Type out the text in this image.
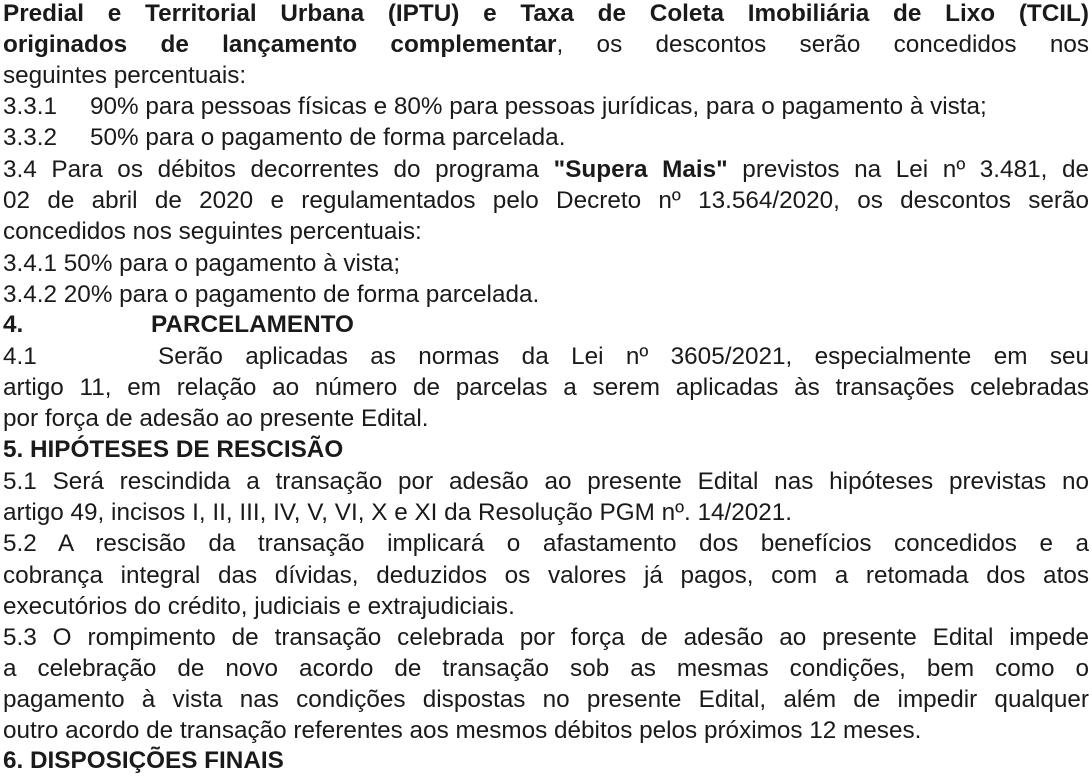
Predial e Territorial Urbana (IPTU) e Taxa de Coleta Imobiliária de Lixo (TCIL)
originados de lançamento complementar, os descontos serão concedidos nos
seguintes percentuais:
3.3.1 90% para pessoas físicas e 80% para pessoas jurídicas, para o pagamento à vista;
3.3.2 50% para o pagamento de forma parcelada.
3.4 Para os débitos decorrentes do programa "Supera Mais" previstos na Lei nº 3.481, de
02 de abril de 2020 e regulamentados pelo Decreto nº 13.564/2020, os descontos serão
concedidos nos seguintes percentuais:
3.4.1 50% para o pagamento à vista;
3.4.2 20% para o pagamento de forma parcelada.
4.	PARCELAMENTO
4.1	Serão aplicadas as normas da Lei nº 3605/2021, especialmente em seu
artigo 11, em relação ao número de parcelas a serem aplicadas às transações celebradas
por força de adesão ao presente Edital.
5. HIPÓTESES DE RESCISÃO
5.1 Será rescindida a transação por adesão ao presente Edital nas hipóteses previstas no
artigo 49, incisos I, II, III, IV, V, VI, X e XI da Resolução PGM nº. 14/2021.
5.2 A rescisão da transação implicará o afastamento dos benefícios concedidos e a
cobrança integral das dívidas, deduzidos os valores já pagos, com a retomada dos atos
executórios do crédito, judiciais e extrajudiciais.
5.3 O rompimento de transação celebrada por força de adesão ao presente Edital impede
a celebração de novo acordo de transação sob as mesmas condições, bem como o
pagamento à vista nas condições dispostas no presente Edital, além de impedir qualquer
outro acordo de transação referentes aos mesmos débitos pelos próximos 12 meses.
6. DISPOSIÇÕES FINAIS
